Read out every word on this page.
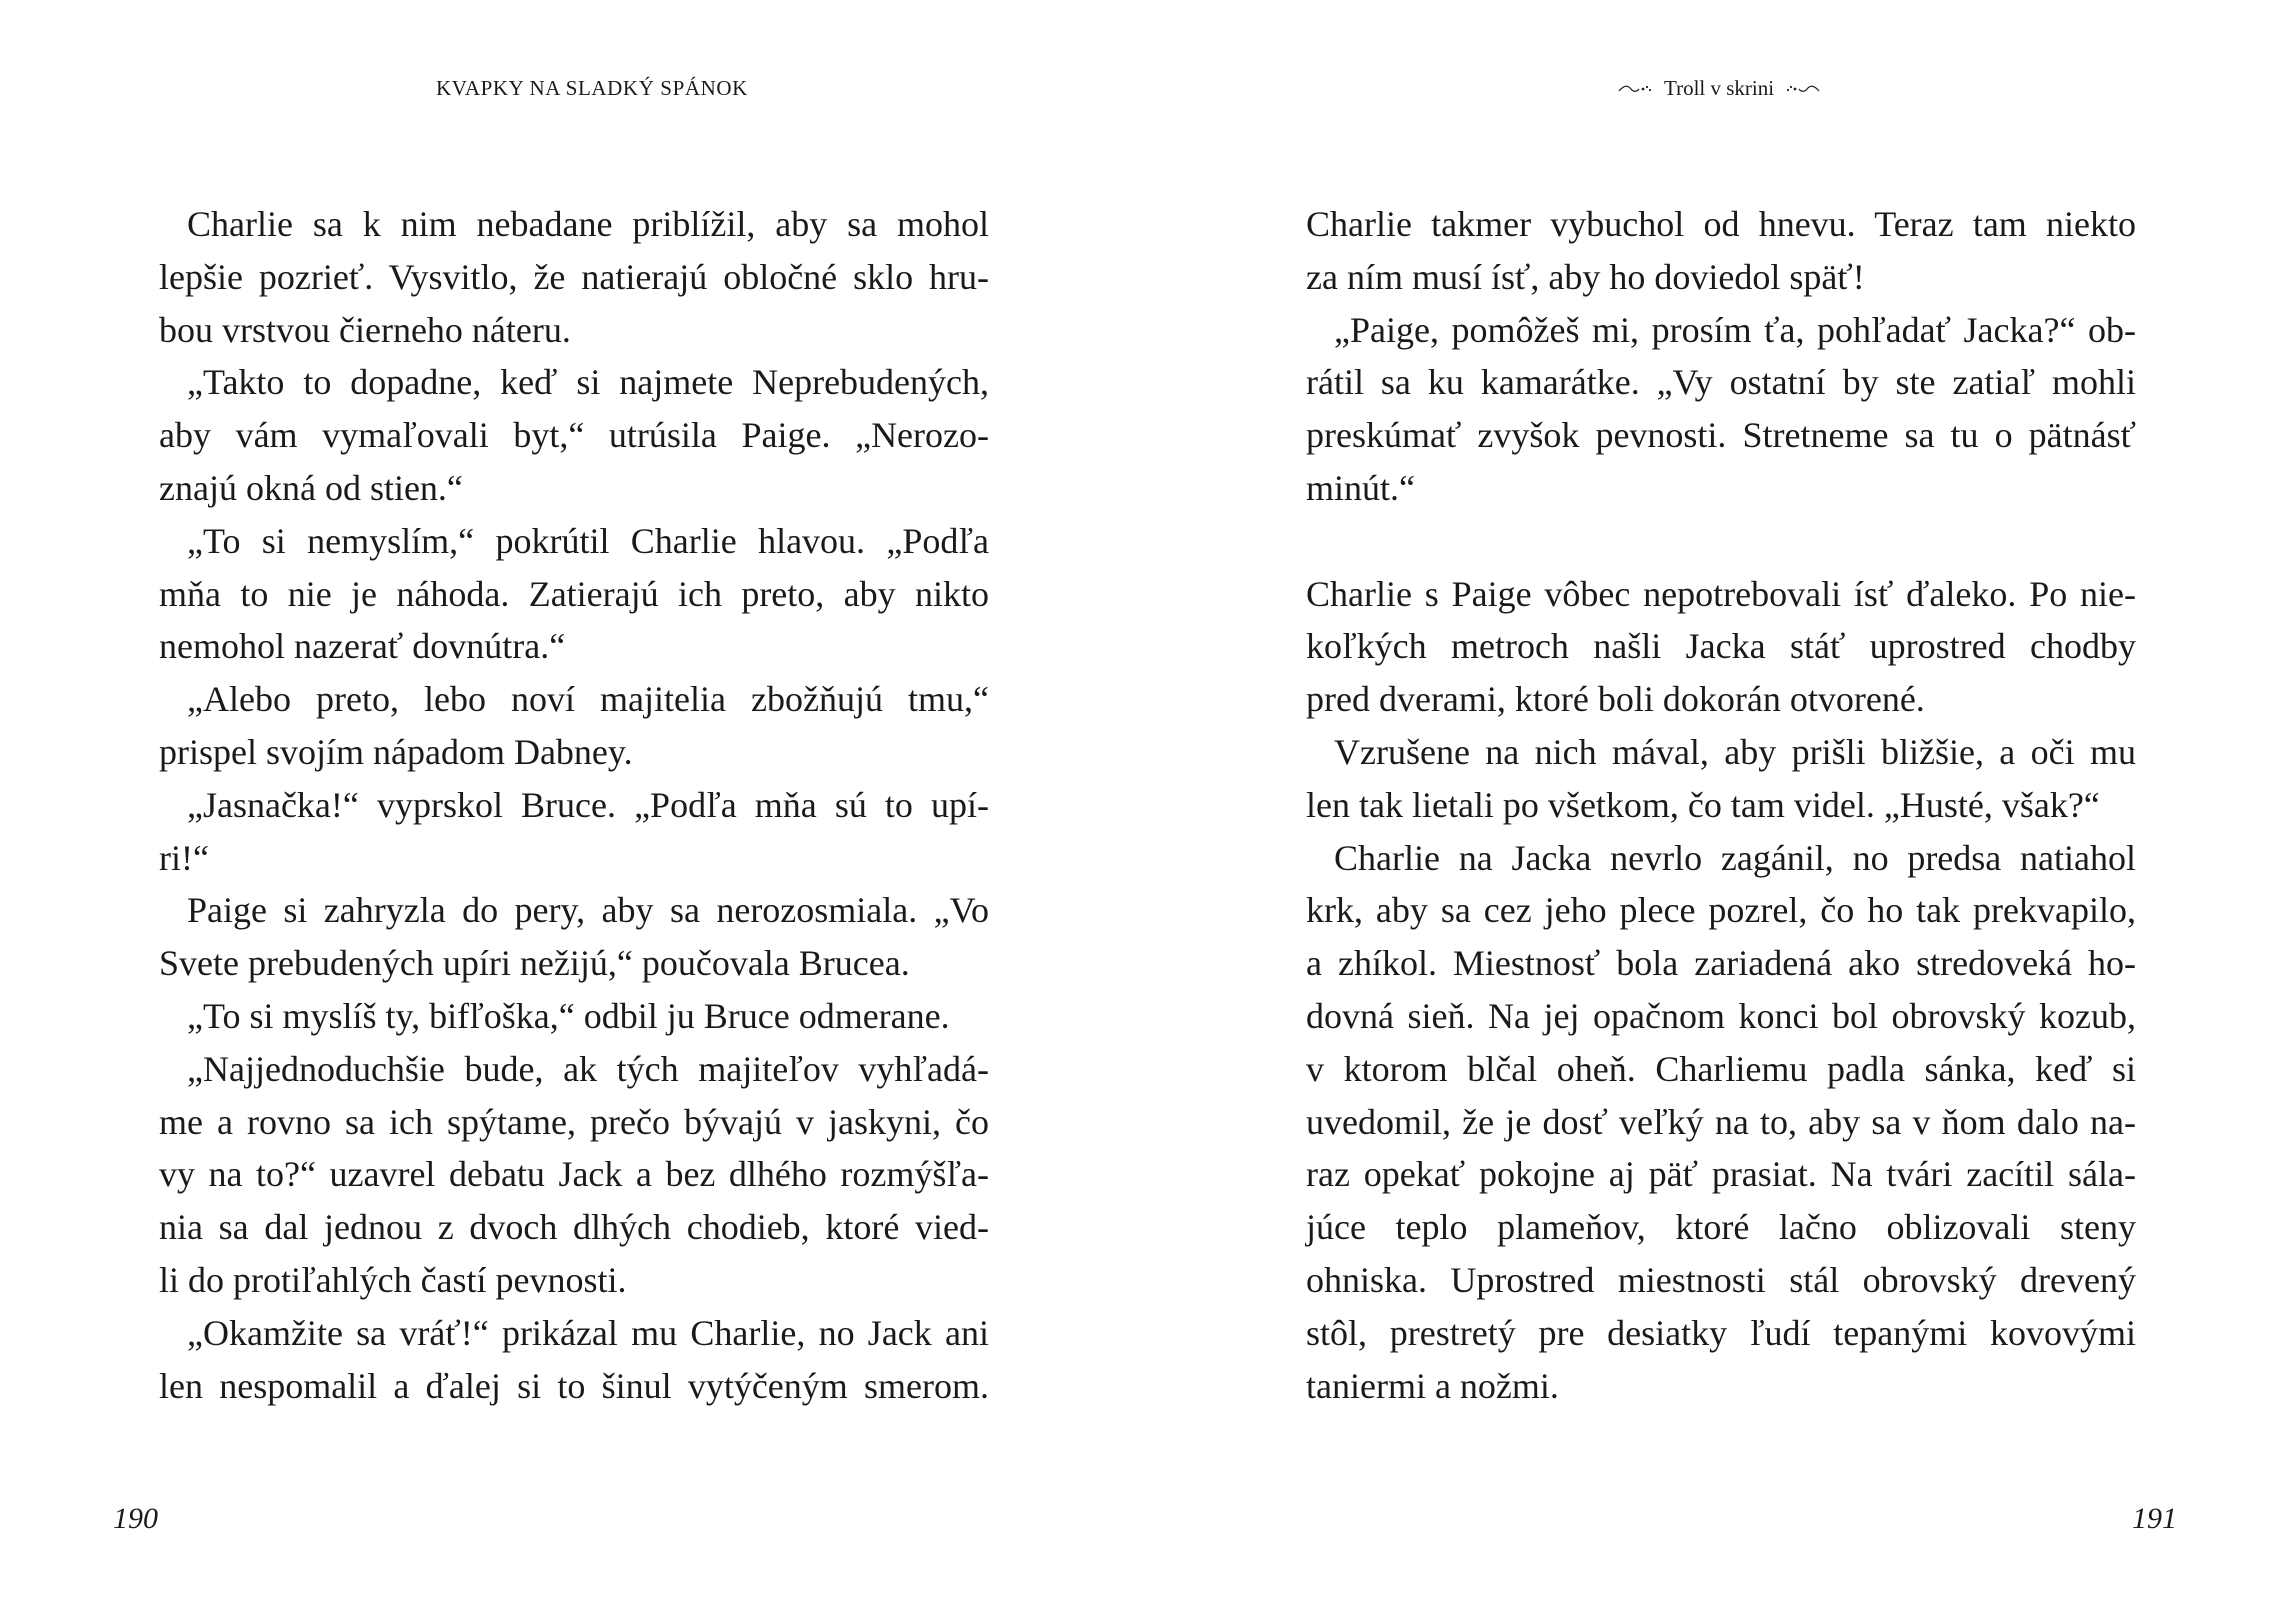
KVAPKY NA SLADKÝ SPÁNOK
Charlie sa k nim nebadane priblížil, aby sa mohol
lepšie pozrieť. Vysvitlo, že natierajú obločné sklo hru-
bou vrstvou čierneho náteru.
„Takto to dopadne, keď si najmete Neprebudených,
aby vám vymaľovali byt,“ utrúsila Paige. „Nerozo-
znajú okná od stien.“
„To si nemyslím,“ pokrútil Charlie hlavou. „Podľa
mňa to nie je náhoda. Zatierajú ich preto, aby nikto
nemohol nazerať dovnútra.“
„Alebo preto, lebo noví majitelia zbožňujú tmu,“
prispel svojím nápadom Dabney.
„Jasnačka!“ vyprskol Bruce. „Podľa mňa sú to upí-
ri!“
Paige si zahryzla do pery, aby sa nerozosmiala. „Vo
Svete prebudených upíri nežijú,“ poučovala Brucea.
„To si myslíš ty, bifľoška,“ odbil ju Bruce odmerane.
„Najjednoduchšie bude, ak tých majiteľov vyhľadá-
me a rovno sa ich spýtame, prečo bývajú v jaskyni, čo
vy na to?“ uzavrel debatu Jack a bez dlhého rozmýšľa-
nia sa dal jednou z dvoch dlhých chodieb, ktoré vied-
li do protiľahlých častí pevnosti.
„Okamžite sa vráť!“ prikázal mu Charlie, no Jack ani
len nespomalil a ďalej si to šinul vytýčeným smerom.
190
Troll v skrini
Charlie takmer vybuchol od hnevu. Teraz tam niekto
za ním musí ísť, aby ho doviedol späť!
„Paige, pomôžeš mi, prosím ťa, pohľadať Jacka?“ ob-
rátil sa ku kamarátke. „Vy ostatní by ste zatiaľ mohli
preskúmať zvyšok pevnosti. Stretneme sa tu o pätnásť
minút.“
Charlie s Paige vôbec nepotrebovali ísť ďaleko. Po nie-
koľkých metroch našli Jacka stáť uprostred chodby
pred dverami, ktoré boli dokorán otvorené.
Vzrušene na nich mával, aby prišli bližšie, a oči mu
len tak lietali po všetkom, čo tam videl. „Husté, však?“
Charlie na Jacka nevrlo zagánil, no predsa natiahol
krk, aby sa cez jeho plece pozrel, čo ho tak prekvapilo,
a zhíkol. Miestnosť bola zariadená ako stredoveká ho-
dovná sieň. Na jej opačnom konci bol obrovský kozub,
v ktorom blčal oheň. Charliemu padla sánka, keď si
uvedomil, že je dosť veľký na to, aby sa v ňom dalo na-
raz opekať pokojne aj päť prasiat. Na tvári zacítil sála-
júce teplo plameňov, ktoré lačno oblizovali steny
ohniska. Uprostred miestnosti stál obrovský drevený
stôl, prestretý pre desiatky ľudí tepanými kovovými
taniermi a nožmi.
191
